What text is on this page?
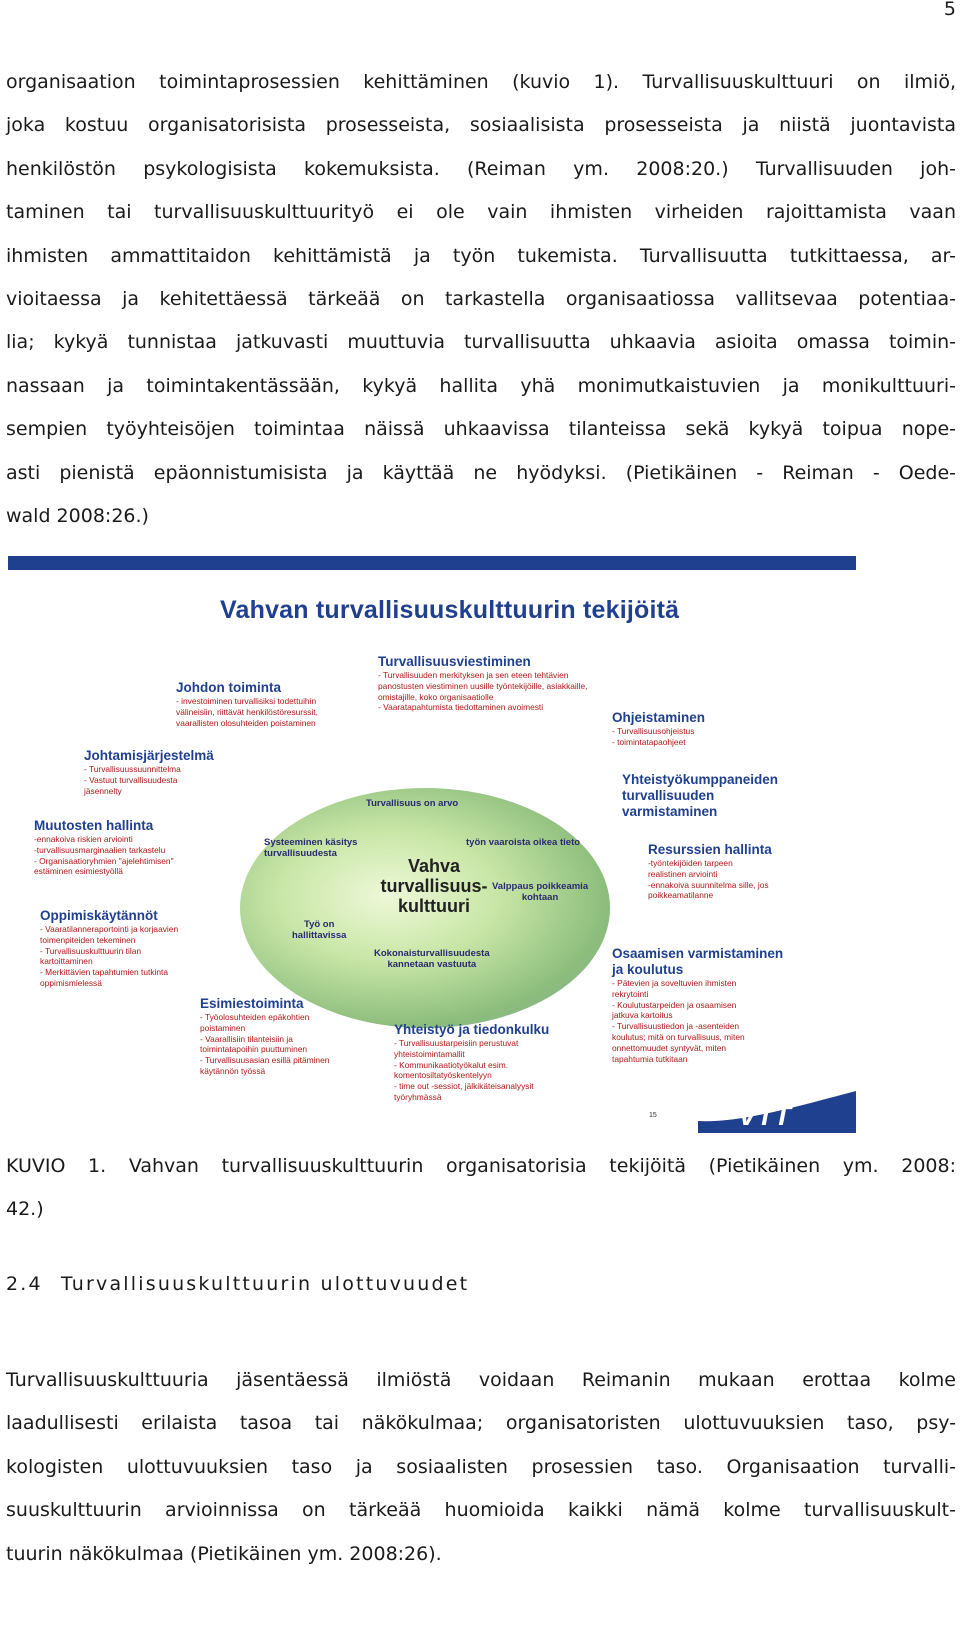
5
organisaation toimintaprosessien kehittäminen (kuvio 1). Turvallisuuskulttuuri on ilmiö,
joka kostuu organisatorisista prosesseista, sosiaalisista prosesseista ja niistä juontavista
henkilöstön psykologisista kokemuksista. (Reiman ym. 2008:20.) Turvallisuuden joh-
taminen tai turvallisuuskulttuurityö ei ole vain ihmisten virheiden rajoittamista vaan
ihmisten ammattitaidon kehittämistä ja työn tukemista. Turvallisuutta tutkittaessa, ar-
vioitaessa ja kehitettäessä tärkeää on tarkastella organisaatiossa vallitsevaa potentiaa-
lia; kykyä tunnistaa jatkuvasti muuttuvia turvallisuutta uhkaavia asioita omassa toimin-
nassaan ja toimintakentässään, kykyä hallita yhä monimutkaistuvien ja monikulttuuri-
sempien työyhteisöjen toimintaa näissä uhkaavissa tilanteissa sekä kykyä toipua nope-
asti pienistä epäonnistumisista ja käyttää ne hyödyksi. (Pietikäinen - Reiman - Oede-
wald 2008:26.)
Vahvan turvallisuuskulttuurin tekijöitä
Turvallisuus on arvo
Systeeminen käsitys
turvallisuudesta
työn vaaroista oikea tieto
Valppaus poikkeamia
kohtaan
Työ on
hallittavissa
Kokonaisturvallisuudesta
kannetaan vastuuta
Vahva
turvallisuus-
kulttuuri
Turvallisuusviestiminen
- Turvallisuuden merkityksen ja sen eteen tehtävien
panostusten viestiminen uusille työntekijöille, asiakkaille,
omistajille, koko organisaatiolle
- Vaaratapahtumista tiedottaminen avoimesti
Johdon toiminta
- investoiminen turvallisiksi todettuihin
välineisiin, riittävät henkilöstöresurssit,
vaarallisten olosuhteiden poistaminen	Ohjeistaminen
- Turvallisuusohjeistus
- toimintatapaohjeet
Johtamisjärjestelmä
- Turvallisuussuunnittelma
- Vastuut turvallisuudesta
jäsennelty
Yhteistyökumppaneiden
turvallisuuden
varmistaminen
Muutosten hallinta
-ennakoiva riskien arviointi
-turvallisuusmarginaalien tarkastelu
- Organisaatioryhmien "ajelehtimisen"
estäminen esimiestyöllä
Resurssien hallinta
-työntekijöiden tarpeen
realistinen arviointi
-ennakoiva suunnitelma sille, jos
poikkeamatilanne
Oppimiskäytännöt
- Vaaratilanneraportointi ja korjaavien
toimenpiteiden tekeminen
- Turvallisuuskulttuurin tilan
kartoittaminen
- Merkittävien tapahtumien tutkinta
oppimismielessä
Osaamisen varmistaminen
ja koulutus
- Pätevien ja soveltuvien ihmisten
rekrytointi
- Koulutustarpeiden ja osaamisen
jatkuva kartoitus
- Turvallisuustiedon ja -asenteiden
koulutus; mitä on turvallisuus, miten
onnettomuudet syntyvät, miten
tapahtumia tutkitaan
Esimiestoiminta
- Työolosuhteiden epäkohtien
poistaminen
- Vaarallisiin tilanteisiin ja
toimintatapoihin puuttuminen
- Turvallisuusasian esillä pitäminen
käytännön työssä
Yhteistyö ja tiedonkulku
- Turvallisuustarpeisiin perustuvat
yhteistoimintamallit
- Kommunikaatiotyökalut esim.
komentosiltatyöskentelyyn
- time out -sessiot, jälkikäteisanalyysit
työryhmässä
15	VTT
KUVIO 1. Vahvan turvallisuuskulttuurin organisatorisia tekijöitä (Pietikäinen ym. 2008:
42.)
2.4 Turvallisuuskulttuurin ulottuvuudet
Turvallisuuskulttuuria jäsentäessä ilmiöstä voidaan Reimanin mukaan erottaa kolme
laadullisesti erilaista tasoa tai näkökulmaa; organisatoristen ulottuvuuksien taso, psy-
kologisten ulottuvuuksien taso ja sosiaalisten prosessien taso. Organisaation turvalli-
suuskulttuurin arvioinnissa on tärkeää huomioida kaikki nämä kolme turvallisuuskult-
tuurin näkökulmaa (Pietikäinen ym. 2008:26).
